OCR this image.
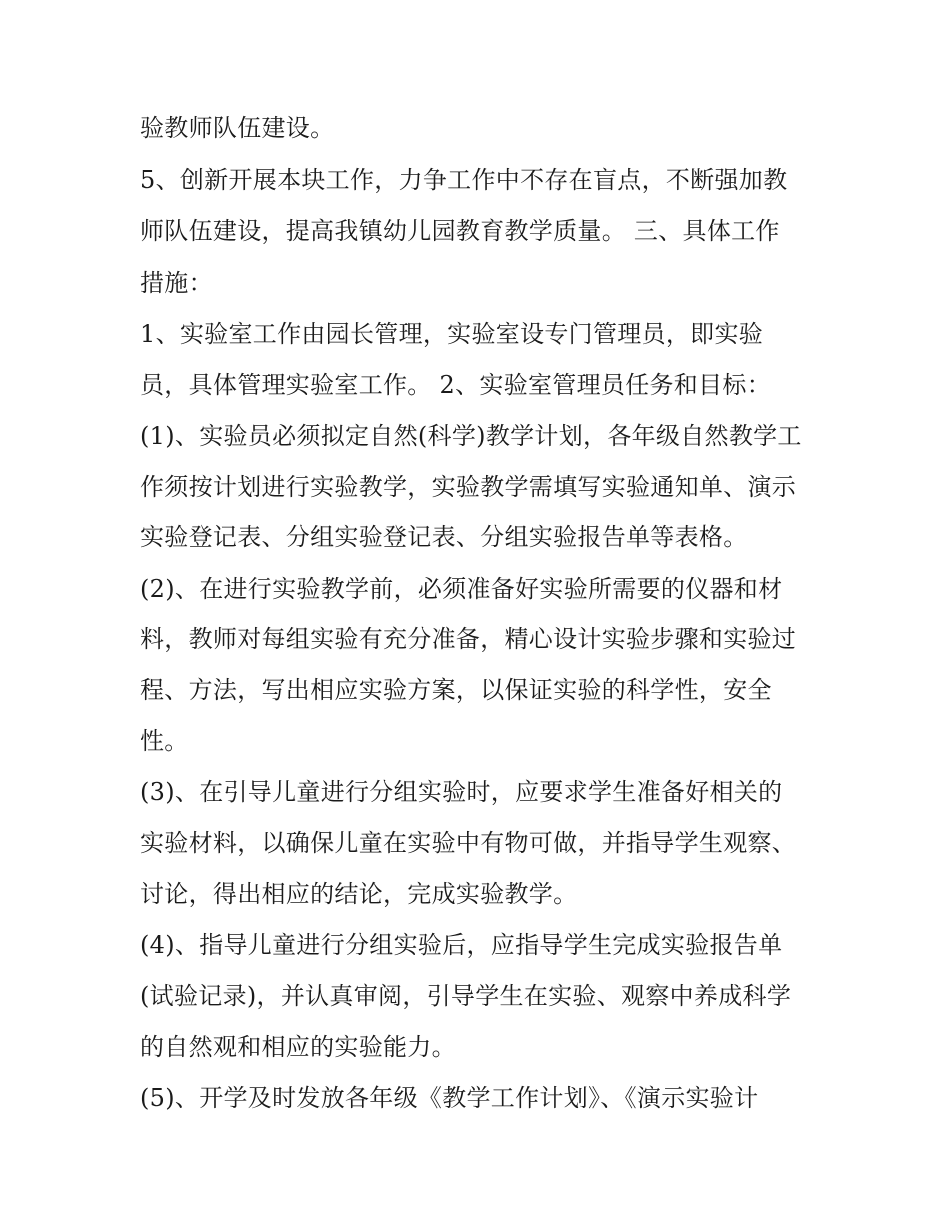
验教师队伍建设。
5、创新开展本块工作，力争工作中不存在盲点，不断强加教
师队伍建设，提高我镇幼儿园教育教学质量。 三、具体工作
措施：
1、实验室工作由园长管理，实验室设专门管理员，即实验
员，具体管理实验室工作。 2、实验室管理员任务和目标：
(1)、实验员必须拟定自然(科学)教学计划，各年级自然教学工
作须按计划进行实验教学，实验教学需填写实验通知单、演示
实验登记表、分组实验登记表、分组实验报告单等表格。
(2)、在进行实验教学前，必须准备好实验所需要的仪器和材
料，教师对每组实验有充分准备，精心设计实验步骤和实验过
程、方法，写出相应实验方案，以保证实验的科学性，安全
性。
(3)、在引导儿童进行分组实验时，应要求学生准备好相关的
实验材料，以确保儿童在实验中有物可做，并指导学生观察、
讨论，得出相应的结论，完成实验教学。
(4)、指导儿童进行分组实验后，应指导学生完成实验报告单
(试验记录)，并认真审阅，引导学生在实验、观察中养成科学
的自然观和相应的实验能力。
(5)、开学及时发放各年级《教学工作计划》、《演示实验计
